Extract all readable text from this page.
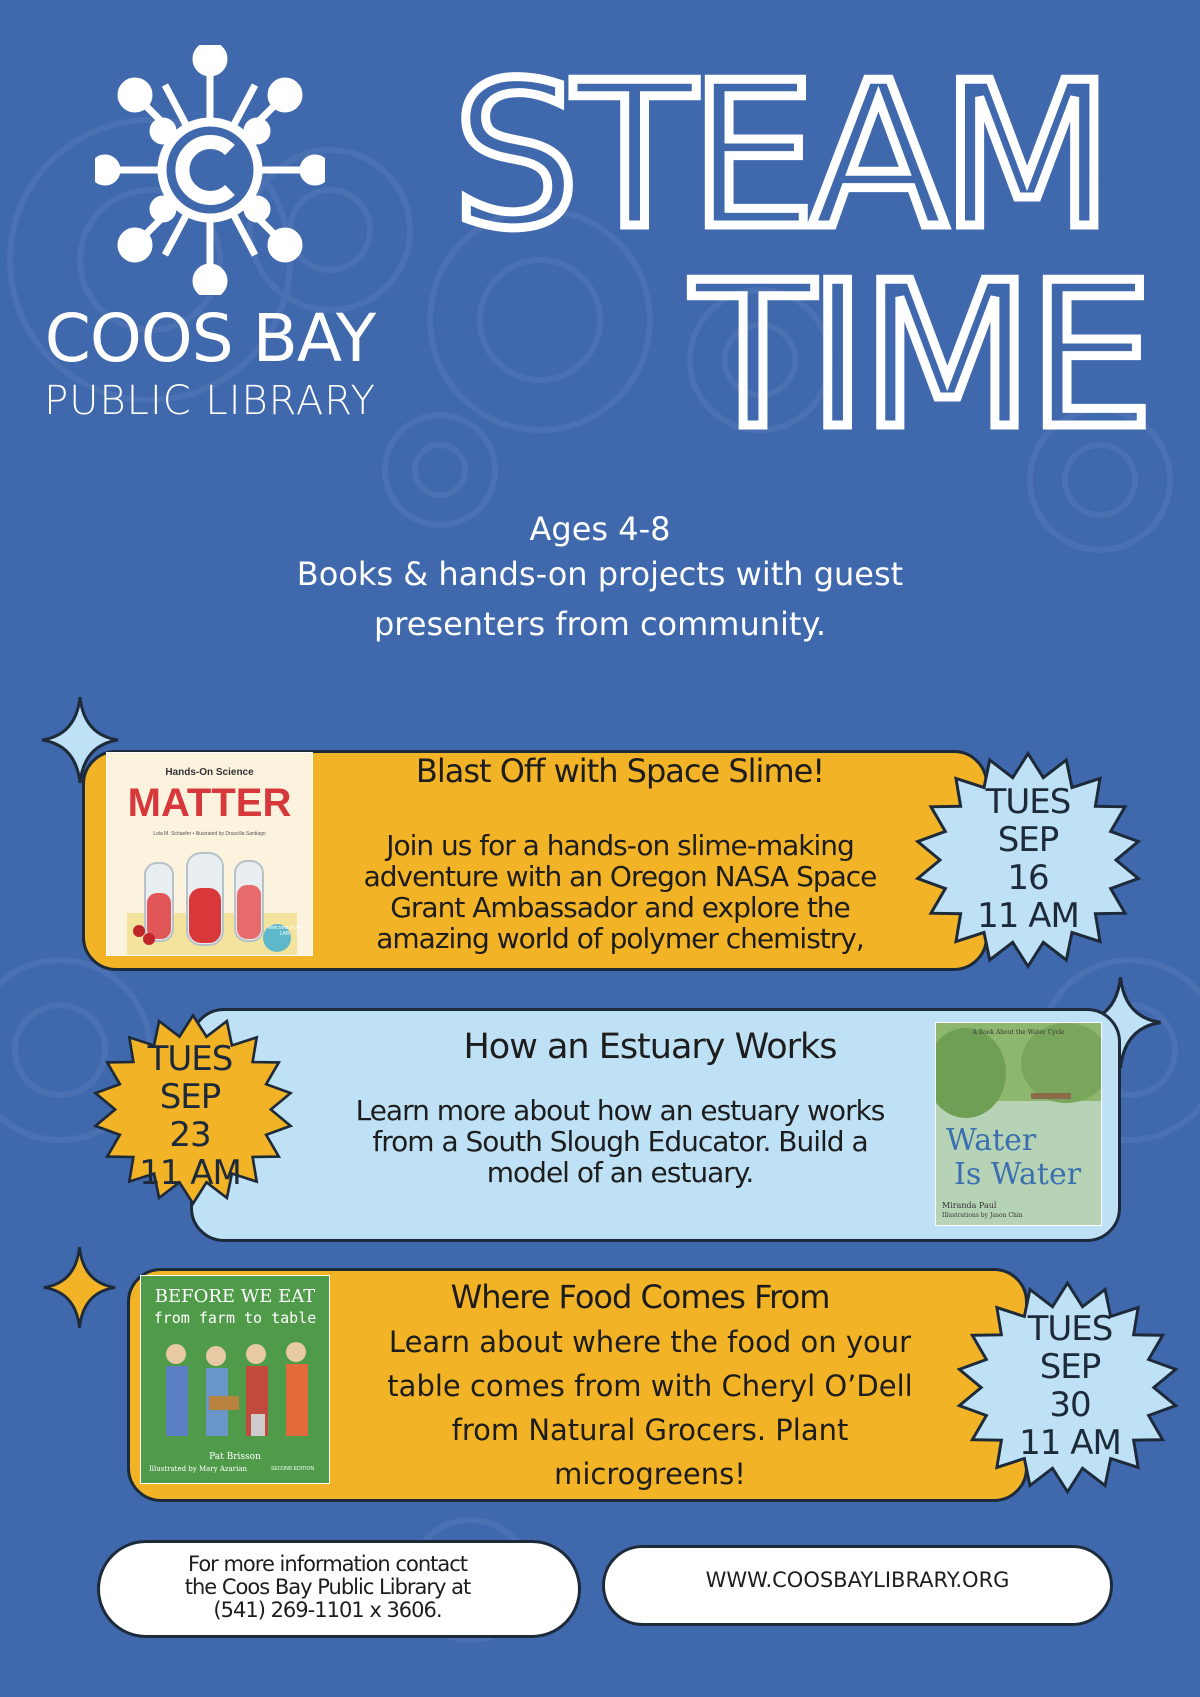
COOS BAY
PUBLIC LIBRARY
STEAM
TIME
Ages 4-8
Books & hands-on projects with guest
presenters from community.
Hands-On Science
MATTER
Lola M. Schaefer • Illustrated by Druscilla Santiago
Welcome to the LAB!
Blast Off with Space Slime!
Join us for a hands-on slime-making
adventure with an Oregon NASA Space
Grant Ambassador and explore the
amazing world of polymer chemistry,
TUES
SEP
16
11 AM
A Book About the Water Cycle
Water
Is Water
Miranda Paul
Illustrations by Jason Chin
How an Estuary Works
Learn more about how an estuary works
from a South Slough Educator. Build a
model of an estuary.
TUES
SEP
23
11 AM
BEFORE WE EAT
from farm to table
Pat Brisson
Illustrated by Mary Azarian	SECOND EDITION
Where Food Comes From
Learn about where the food on your
table comes from with Cheryl O’Dell
from Natural Grocers. Plant
microgreens!
TUES
SEP
30
11 AM
For more information contact
the Coos Bay Public Library at
(541) 269-1101 x 3606.
WWW.COOSBAYLIBRARY.ORG
